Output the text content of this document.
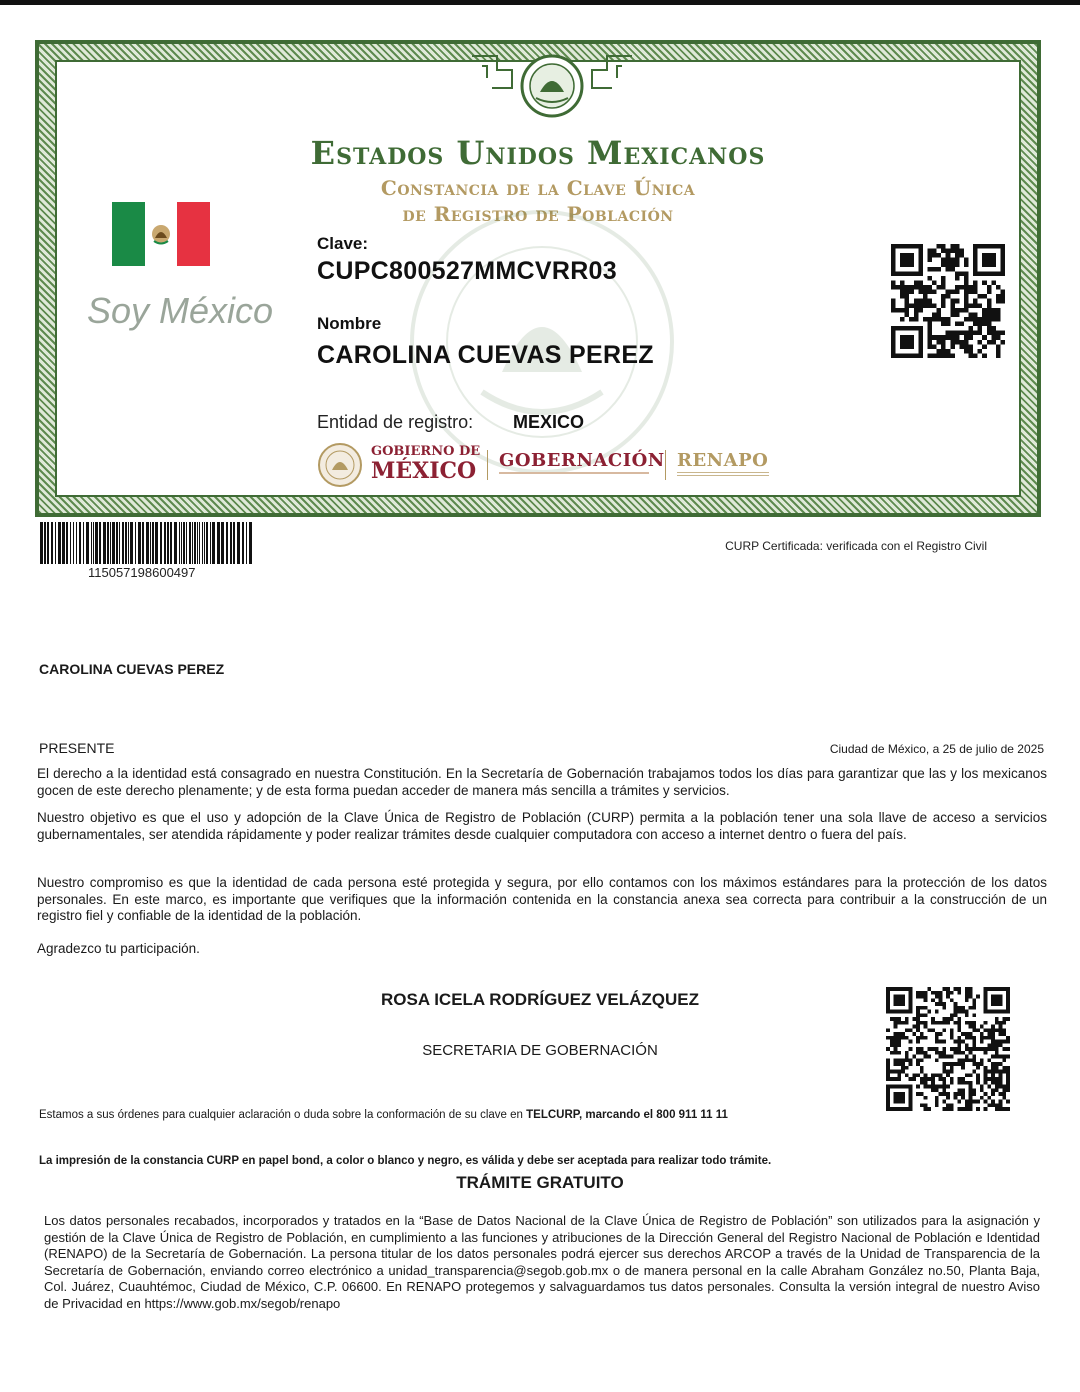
Estados Unidos Mexicanos
Constancia de la Clave Única
de Registro de Población
Soy México
Clave:
CUPC800527MMCVRR03
Nombre
CAROLINA CUEVAS PEREZ
Entidad de registro: MEXICO
GOBIERNO DE
MÉXICO GOBERNACIÓN RENAPO
115057198600497
CURP Certificada: verificada con el Registro Civil
CAROLINA CUEVAS PEREZ
PRESENTE	Ciudad de México, a 25 de julio de 2025
El derecho a la identidad está consagrado en nuestra Constitución. En la Secretaría de Gobernación trabajamos todos los días para garantizar que las y los mexicanos gocen de este derecho plenamente; y de esta forma puedan acceder de manera más sencilla a trámites y servicios.
Nuestro objetivo es que el uso y adopción de la Clave Única de Registro de Población (CURP) permita a la población tener una sola llave de acceso a servicios gubernamentales, ser atendida rápidamente y poder realizar trámites desde cualquier computadora con acceso a internet dentro o fuera del país.
Nuestro compromiso es que la identidad de cada persona esté protegida y segura, por ello contamos con los máximos estándares para la protección de los datos personales. En este marco, es importante que verifiques que la información contenida en la constancia anexa sea correcta para contribuir a la construcción de un registro fiel y confiable de la identidad de la población.
Agradezco tu participación.
ROSA ICELA RODRÍGUEZ VELÁZQUEZ
SECRETARIA DE GOBERNACIÓN
Estamos a sus órdenes para cualquier aclaración o duda sobre la conformación de su clave en TELCURP, marcando el 800 911 11 11
La impresión de la constancia CURP en papel bond, a color o blanco y negro, es válida y debe ser aceptada para realizar todo trámite.
TRÁMITE GRATUITO
Los datos personales recabados, incorporados y tratados en la “Base de Datos Nacional de la Clave Única de Registro de Población” son utilizados para la asignación y gestión de la Clave Única de Registro de Población, en cumplimiento a las funciones y atribuciones de la Dirección General del Registro Nacional de Población e Identidad (RENAPO) de la Secretaría de Gobernación. La persona titular de los datos personales podrá ejercer sus derechos ARCOP a través de la Unidad de Transparencia de la Secretaría de Gobernación, enviando correo electrónico a unidad_transparencia@segob.gob.mx o de manera personal en la calle Abraham González no.50, Planta Baja, Col. Juárez, Cuauhtémoc, Ciudad de México, C.P. 06600. En RENAPO protegemos y salvaguardamos tus datos personales. Consulta la versión integral de nuestro Aviso de Privacidad en https://www.gob.mx/segob/renapo
